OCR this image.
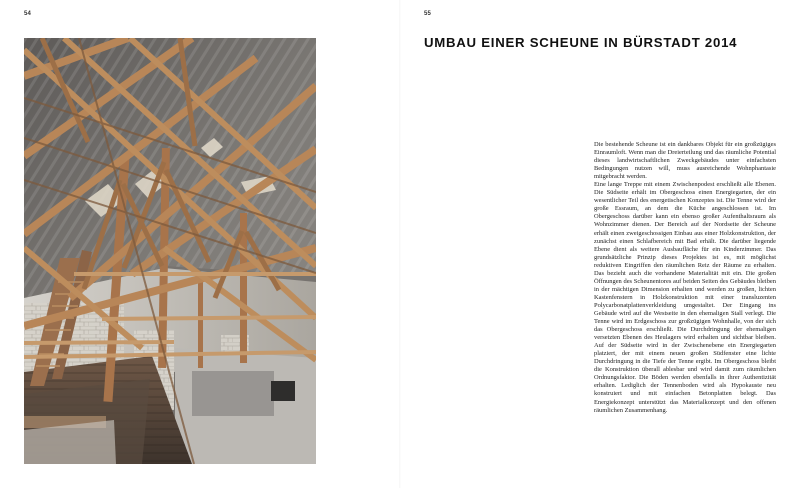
54	55
UMBAU EINER SCHEUNE IN BÜRSTADT 2014

Die bestehende Scheune ist ein dankbares Objekt für ein großzügiges Einraumloft. Wenn man die Dreierteilung und das räumliche Potential dieses landwirtschaftlichen Zweckgebäudes unter einfachsten Bedingungen nutzen will, muss ausreichende Wohnphantasie mitgebracht werden.

Eine lange Treppe mit einem Zwischenpodest erschließt alle Ebenen. Die Südseite erhält im Obergeschoss einen Energiegarten, der ein wesentlicher Teil des energetischen Konzeptes ist. Die Tenne wird der große Essraum, an dem die Küche angeschlossen ist. Im Obergeschoss darüber kann ein ebenso großer Aufenthaltsraum als Wohnzimmer dienen. Der Bereich auf der Nordseite der Scheune erhält einen zweigeschossigen Einbau aus einer Holzkonstruktion, der zunächst einen Schlafbereich mit Bad erhält. Die darüber liegende Ebene dient als weitere Ausbaufläche für ein Kinderzimmer. Das grundsätzliche Prinzip dieses Projektes ist es, mit möglichst reduktiven Eingriffen den räumlichen Reiz der Räume zu erhalten. Das bezieht auch die vorhandene Materialität mit ein. Die großen Öffnungen des Scheunentores auf beiden Seiten des Gebäudes bleiben in der mächtigen Dimension erhalten und werden zu großen, lichten Kastenfenstern in Holzkonstruktion mit einer transluzenten Polycarbonatplattenverkleidung umgestaltet. Der Eingang ins Gebäude wird auf die Westseite in den ehemaligen Stall verlegt. Die Tenne wird im Erdgeschoss zur großzügigen Wohnhalle, von der sich das Obergeschoss erschließt. Die Durchdringung der ehemaligen versetzten Ebenen des Heulagers wird erhalten und sichtbar bleiben. Auf der Südseite wird in der Zwischenebene ein Energiegarten platziert, der mit einem neuen großen Südfenster eine lichte Durchdringung in die Tiefe der Tenne ergibt. Im Obergeschoss bleibt die Konstruktion überall ablesbar und wird damit zum räumlichen Ordnungsfaktor. Die Böden werden ebenfalls in ihrer Authentizität erhalten. Lediglich der Tennenboden wird als Hypokauste neu konstruiert und mit einfachen Betonplatten belegt. Das Energiekonzept unterstützt das Materialkonzept und den offenen räumlichen Zusammenhang.
